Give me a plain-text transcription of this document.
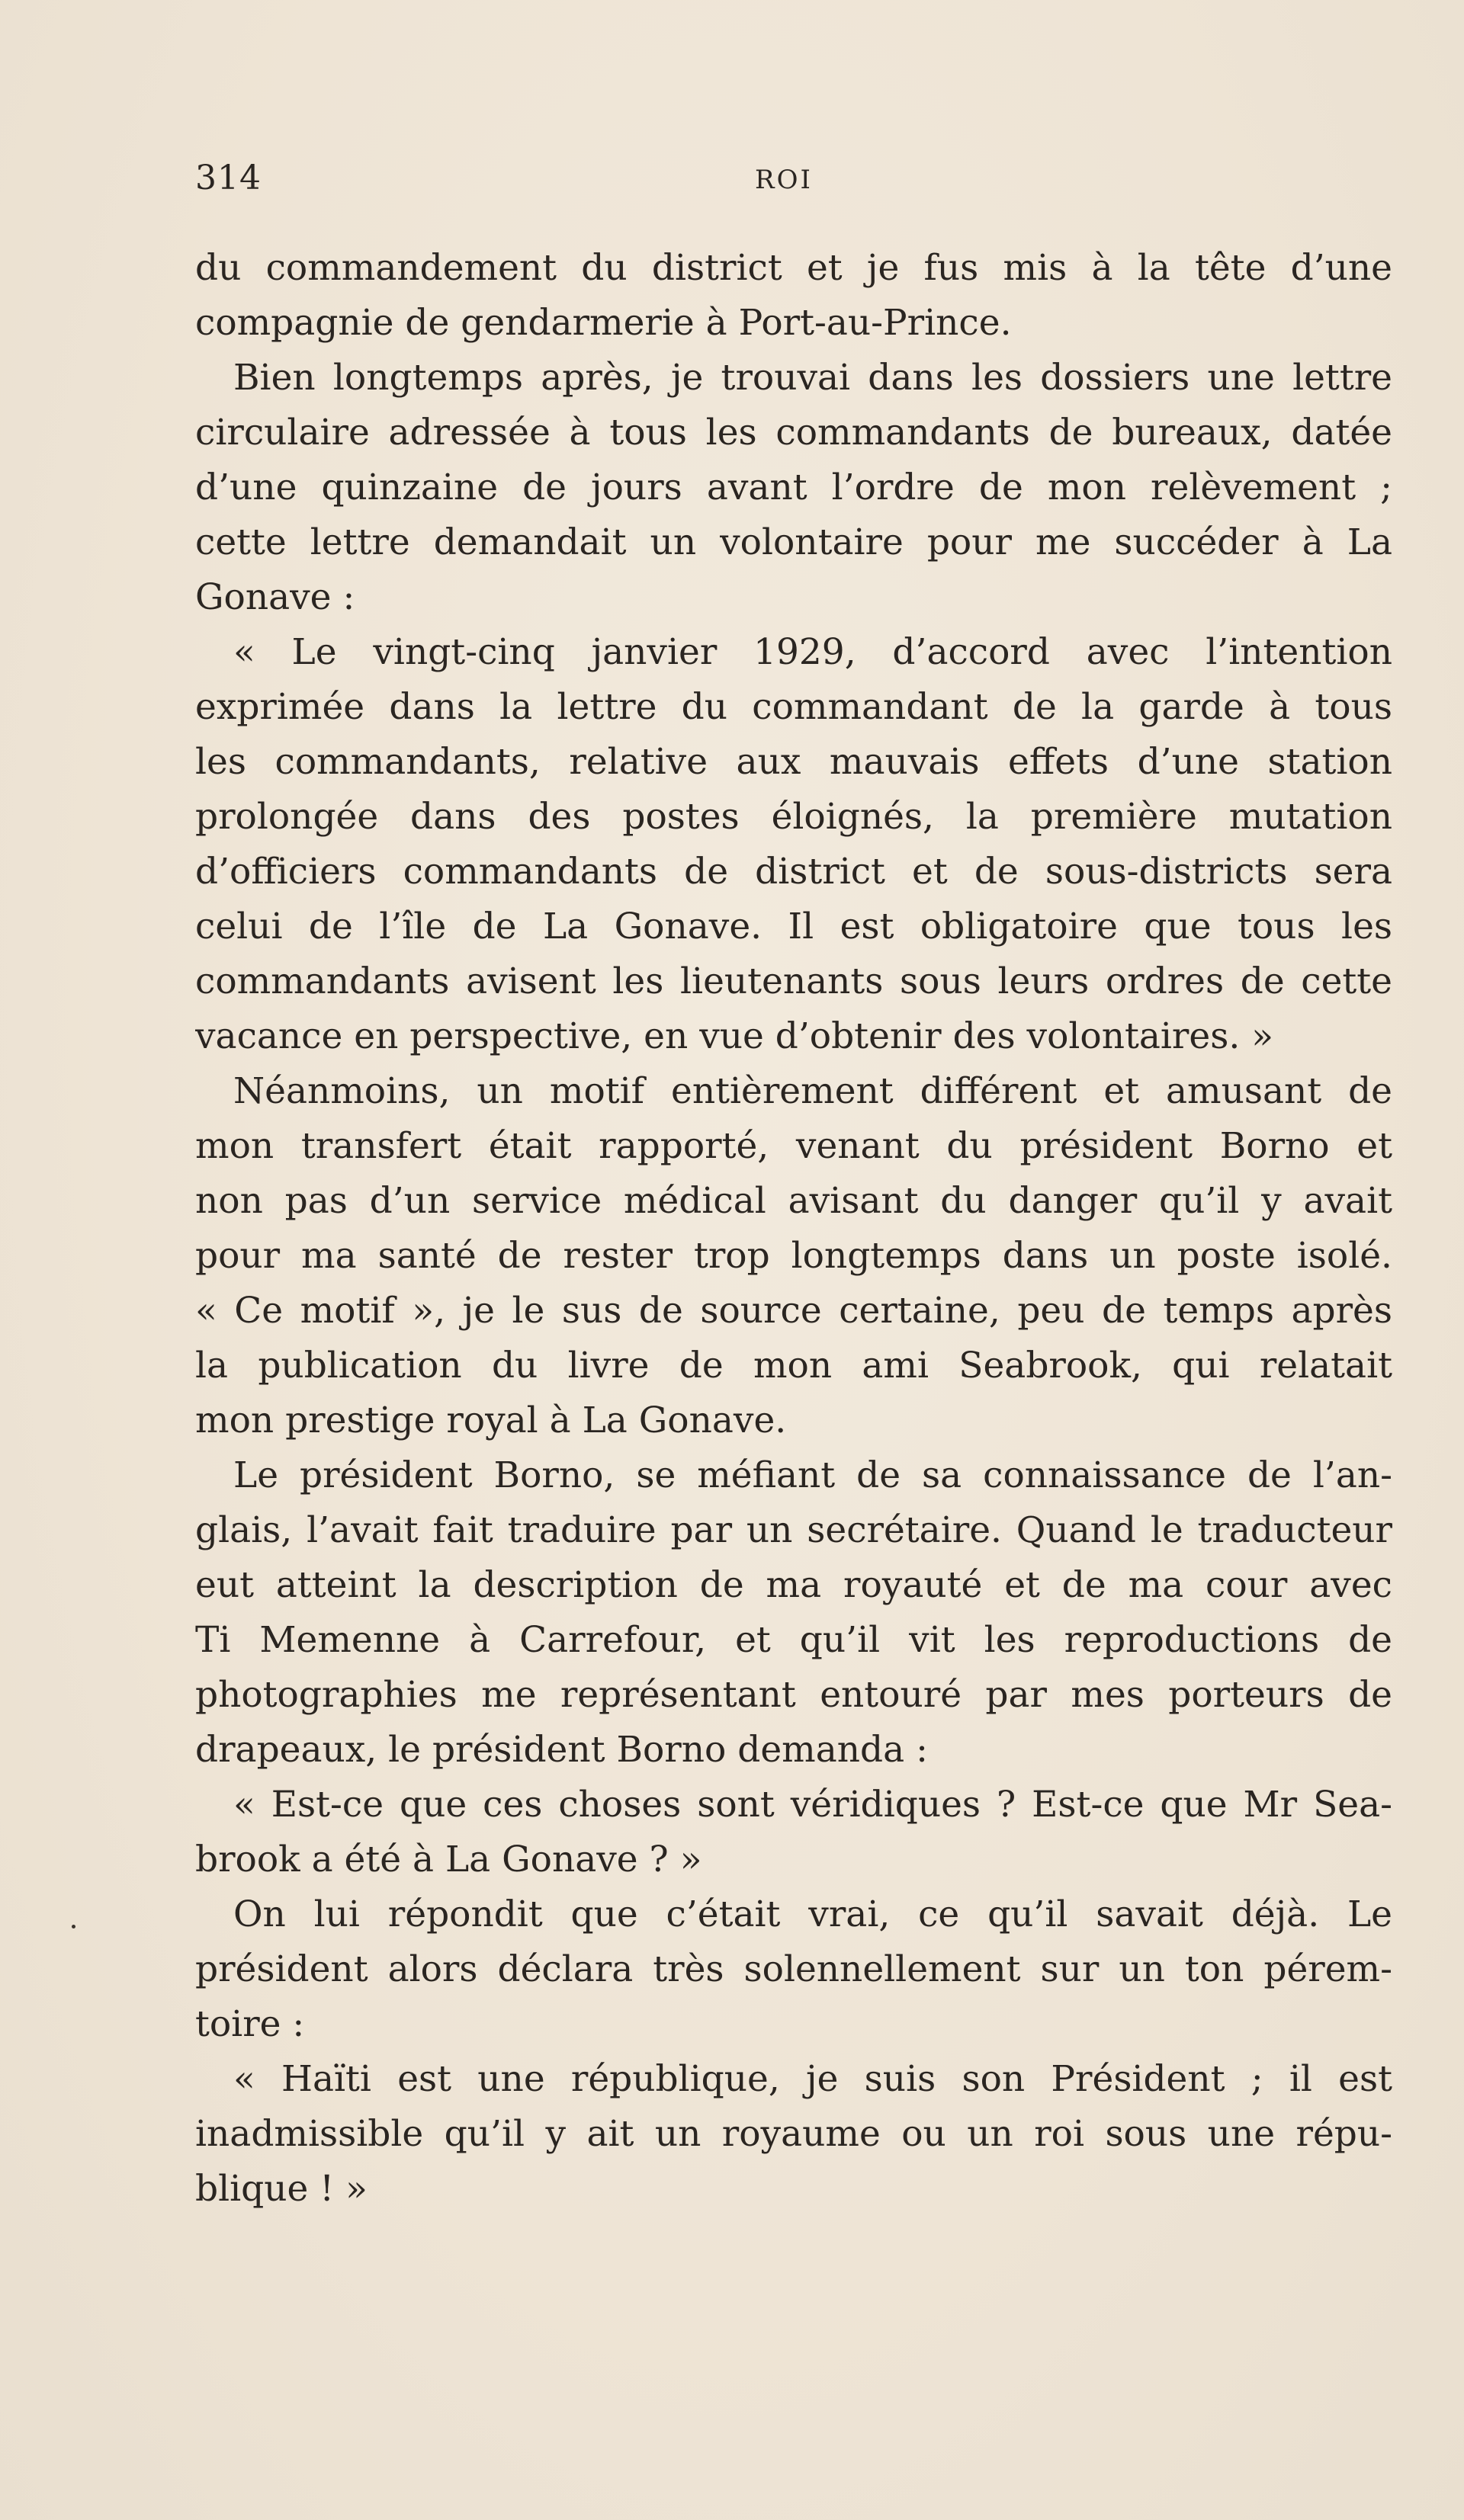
314	ROI
du commandement du district et je fus mis à la tête d’une
compagnie de gendarmerie à Port-au-Prince.
Bien longtemps après, je trouvai dans les dossiers une lettre
circulaire adressée à tous les commandants de bureaux, datée
d’une quinzaine de jours avant l’ordre de mon relèvement ;
cette lettre demandait un volontaire pour me succéder à La
Gonave :
« Le vingt-cinq janvier 1929, d’accord avec l’intention
exprimée dans la lettre du commandant de la garde à tous
les commandants, relative aux mauvais effets d’une station
prolongée dans des postes éloignés, la première mutation
d’officiers commandants de district et de sous-districts sera
celui de l’île de La Gonave. Il est obligatoire que tous les
commandants avisent les lieutenants sous leurs ordres de cette
vacance en perspective, en vue d’obtenir des volontaires. »
Néanmoins, un motif entièrement différent et amusant de
mon transfert était rapporté, venant du président Borno et
non pas d’un service médical avisant du danger qu’il y avait
pour ma santé de rester trop longtemps dans un poste isolé.
« Ce motif », je le sus de source certaine, peu de temps après
la publication du livre de mon ami Seabrook, qui relatait
mon prestige royal à La Gonave.
Le président Borno, se méfiant de sa connaissance de l’an-
glais, l’avait fait traduire par un secrétaire. Quand le traducteur
eut atteint la description de ma royauté et de ma cour avec
Ti Memenne à Carrefour, et qu’il vit les reproductions de
photographies me représentant entouré par mes porteurs de
drapeaux, le président Borno demanda :
« Est-ce que ces choses sont véridiques ? Est-ce que Mr Sea-
brook a été à La Gonave ? »
On lui répondit que c’était vrai, ce qu’il savait déjà. Le
président alors déclara très solennellement sur un ton pérem-
toire :
« Haïti est une république, je suis son Président ; il est
inadmissible qu’il y ait un royaume ou un roi sous une répu-
blique ! »
